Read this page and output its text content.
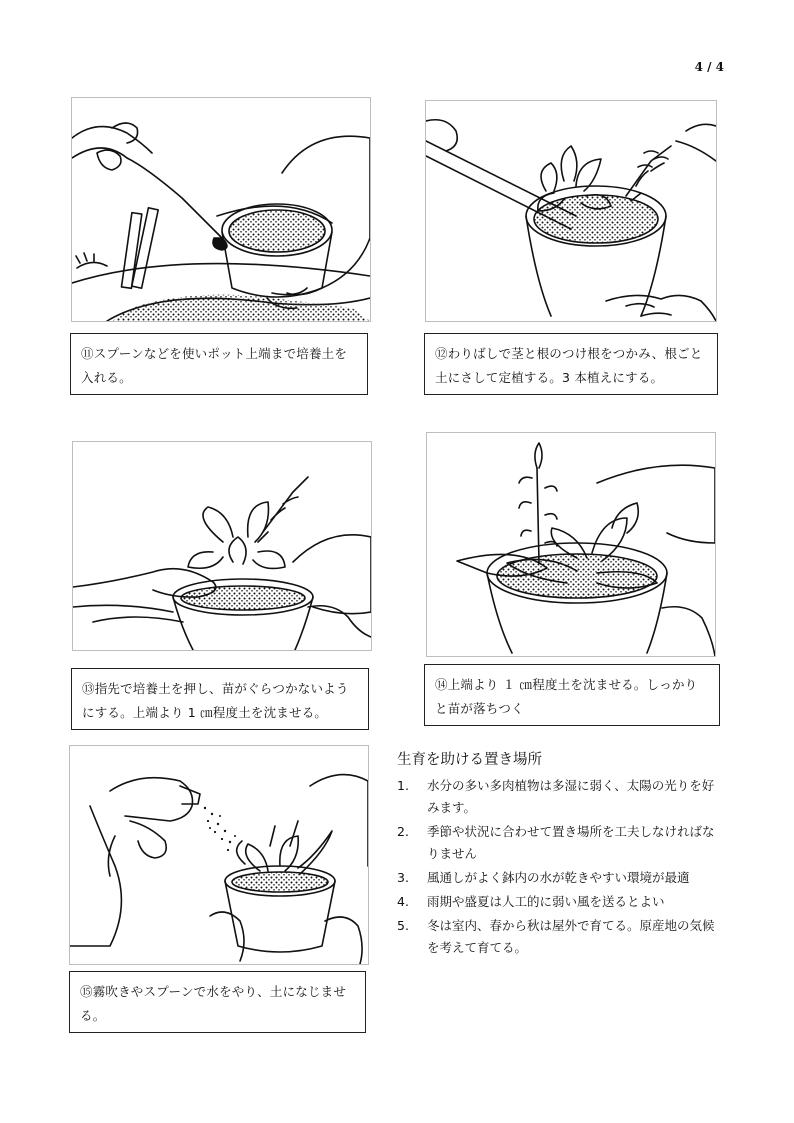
4 / 4
⑪スプーンなどを使いポット上端まで培養土を入れる。
⑫わりばしで茎と根のつけ根をつかみ、根ごと土にさして定植する。3 本植えにする。
⑬指先で培養土を押し、苗がぐらつかないようにする。上端より 1 ㎝程度土を沈ませる。
⑭上端より １ ㎝程度土を沈ませる。しっかりと苗が落ちつく
⑮霧吹きやスプーンで水をやり、土になじませる。
生育を助ける置き場所
1.	水分の多い多肉植物は多湿に弱く、太陽の光りを好みます。
2.	季節や状況に合わせて置き場所を工夫しなければなりません
3.	風通しがよく鉢内の水が乾きやすい環境が最適
4.	雨期や盛夏は人工的に弱い風を送るとよい
5.	冬は室内、春から秋は屋外で育てる。原産地の気候を考えて育てる。
